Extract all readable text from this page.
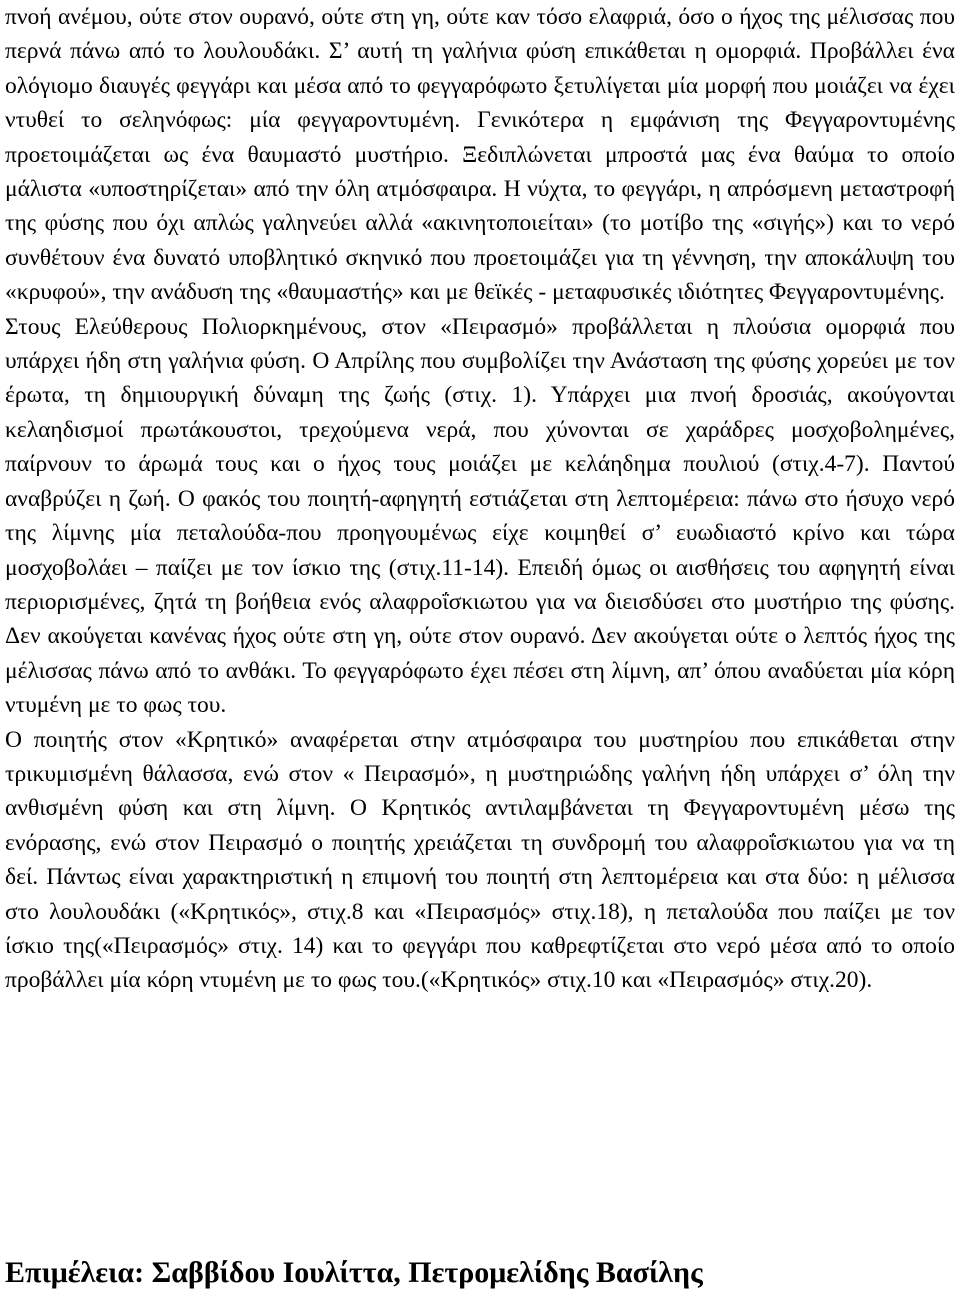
πνοή ανέμου, ούτε στον ουρανό, ούτε στη γη, ούτε καν τόσο ελαφριά, όσο ο ήχος της μέλισσας που περνά πάνω από το λουλουδάκι. Σ’ αυτή τη γαλήνια φύση επικάθεται η ομορφιά. Προβάλλει ένα ολόγιομο διαυγές φεγγάρι και μέσα από το φεγγαρόφωτο ξετυλίγεται μία μορφή που μοιάζει να έχει ντυθεί το σεληνόφως: μία φεγγαροντυμένη. Γενικότερα η εμφάνιση της Φεγγαροντυμένης προετοιμάζεται ως ένα θαυμαστό μυστήριο. Ξεδιπλώνεται μπροστά μας ένα θαύμα το οποίο μάλιστα «υποστηρίζεται» από την όλη ατμόσφαιρα. Η νύχτα, το φεγγάρι, η απρόσμενη μεταστροφή της φύσης που όχι απλώς γαληνεύει αλλά «ακινητοποιείται» (το μοτίβο της «σιγής») και το νερό συνθέτουν ένα δυνατό υποβλητικό σκηνικό που προετοιμάζει για τη γέννηση, την αποκάλυψη του «κρυφού», την ανάδυση της «θαυμαστής» και με θεϊκές - μεταφυσικές ιδιότητες Φεγγαροντυμένης.

Στους Ελεύθερους Πολιορκημένους, στον «Πειρασμό» προβάλλεται η πλούσια ομορφιά που υπάρχει ήδη στη γαλήνια φύση. Ο Απρίλης που συμβολίζει την Ανάσταση της φύσης χορεύει με τον έρωτα, τη δημιουργική δύναμη της ζωής (στιχ. 1). Υπάρχει μια πνοή δροσιάς, ακούγονται κελαηδισμοί πρωτάκουστοι, τρεχούμενα νερά, που χύνονται σε χαράδρες μοσχοβολημένες, παίρνουν το άρωμά τους και ο ήχος τους μοιάζει με κελάηδημα πουλιού (στιχ.4-7). Παντού αναβρύζει η ζωή. Ο φακός του ποιητή-αφηγητή εστιάζεται στη λεπτομέρεια: πάνω στο ήσυχο νερό της λίμνης μία πεταλούδα-που προηγουμένως είχε κοιμηθεί σ’ ευωδιαστό κρίνο και τώρα μοσχοβολάει – παίζει με τον ίσκιο της (στιχ.11-14). Επειδή όμως οι αισθήσεις του αφηγητή είναι περιορισμένες, ζητά τη βοήθεια ενός αλαφροΐσκιωτου για να διεισδύσει στο μυστήριο της φύσης. Δεν ακούγεται κανένας ήχος ούτε στη γη, ούτε στον ουρανό. Δεν ακούγεται ούτε ο λεπτός ήχος της μέλισσας πάνω από το ανθάκι. Το φεγγαρόφωτο έχει πέσει στη λίμνη, απ’ όπου αναδύεται μία κόρη ντυμένη με το φως του.

Ο ποιητής στον «Κρητικό» αναφέρεται στην ατμόσφαιρα του μυστηρίου που επικάθεται στην τρικυμισμένη θάλασσα, ενώ στον « Πειρασμό», η μυστηριώδης γαλήνη ήδη υπάρχει σ’ όλη την ανθισμένη φύση και στη λίμνη. Ο Κρητικός αντιλαμβάνεται τη Φεγγαροντυμένη μέσω της ενόρασης, ενώ στον Πειρασμό ο ποιητής χρειάζεται τη συνδρομή του αλαφροΐσκιωτου για να τη δεί. Πάντως είναι χαρακτηριστική η επιμονή του ποιητή στη λεπτομέρεια και στα δύο: η μέλισσα στο λουλουδάκι («Κρητικός», στιχ.8 και «Πειρασμός» στιχ.18), η πεταλούδα που παίζει με τον ίσκιο της(«Πειρασμός» στιχ. 14) και το φεγγάρι που καθρεφτίζεται στο νερό μέσα από το οποίο προβάλλει μία κόρη ντυμένη με το φως του.(«Κρητικός» στιχ.10 και «Πειρασμός» στιχ.20).

Επιμέλεια: Σαββίδου Ιουλίττα, Πετρομελίδης Βασίλης
